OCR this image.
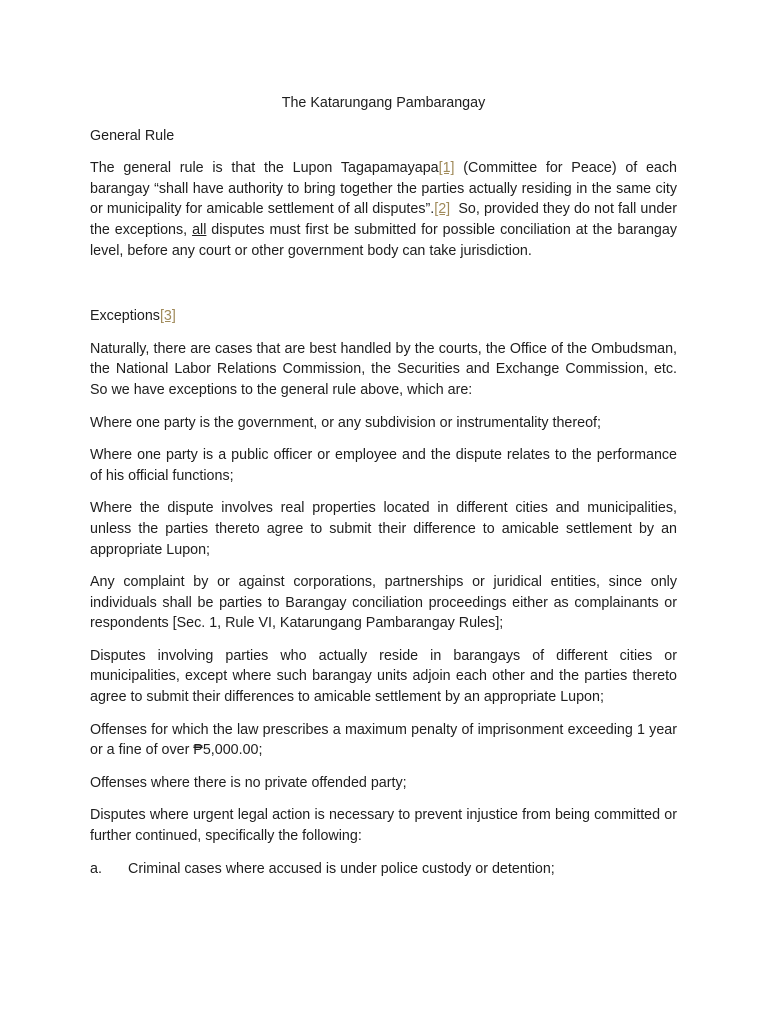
The Katarungang Pambarangay

General Rule

The general rule is that the Lupon Tagapamayapa[1] (Committee for Peace) of each barangay “shall have authority to bring together the parties actually residing in the same city or municipality for amicable settlement of all disputes”.[2]  So, provided they do not fall under the exceptions, all disputes must first be submitted for possible conciliation at the barangay level, before any court or other government body can take jurisdiction.

Exceptions[3]

Naturally, there are cases that are best handled by the courts, the Office of the Ombudsman, the National Labor Relations Commission, the Securities and Exchange Commission, etc. So we have exceptions to the general rule above, which are:

Where one party is the government, or any subdivision or instrumentality thereof;

Where one party is a public officer or employee and the dispute relates to the performance of his official functions;

Where the dispute involves real properties located in different cities and municipalities, unless the parties thereto agree to submit their difference to amicable settlement by an appropriate Lupon;

Any complaint by or against corporations, partnerships or juridical entities, since only individuals shall be parties to Barangay conciliation proceedings either as complainants or respondents [Sec. 1, Rule VI, Katarungang Pambarangay Rules];

Disputes involving parties who actually reside in barangays of different cities or municipalities, except where such barangay units adjoin each other and the parties thereto agree to submit their differences to amicable settlement by an appropriate Lupon;

Offenses for which the law prescribes a maximum penalty of imprisonment exceeding 1 year or a fine of over ₱5,000.00;

Offenses where there is no private offended party;

Disputes where urgent legal action is necessary to prevent injustice from being committed or further continued, specifically the following:

a. Criminal cases where accused is under police custody or detention;
